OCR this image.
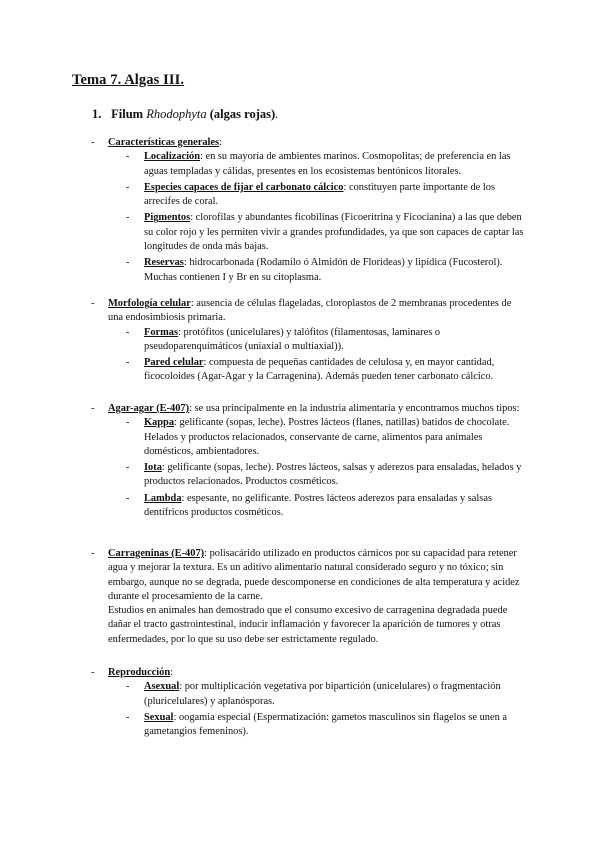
Tema 7. Algas III.
1. Filum Rhodophyta (algas rojas).
- Características generales:

- Localización: en su mayoría de ambientes marinos. Cosmopolitas; de preferencia en las aguas templadas y cálidas, presentes en los ecosistemas bentónicos litorales.
- Especies capaces de fijar el carbonato cálcico: constituyen parte importante de los arrecifes de coral.
- Pigmentos: clorofilas y abundantes ficobilinas (Ficoeritrina y Ficocianina) a las que deben su color rojo y les permiten vivir a grandes profundidades, ya que son capaces de captar las longitudes de onda más bajas.
- Reservas: hidrocarbonada (Rodamilo ó Almidón de Florideas) y lipídica (Fucosterol). Muchas contienen I y Br en su citoplasma.
- Morfología celular: ausencia de células flageladas, cloroplastos de 2 membranas procedentes de una endosimbiosis primaria.

- Formas: protófitos (unicelulares) y talófitos (filamentosas, laminares o pseudoparenquimáticos (uniaxial o multiaxial)).
- Pared celular: compuesta de pequeñas cantidades de celulosa y, en mayor cantidad, ficocoloides (Agar-Agar y la Carragenina). Además pueden tener carbonato cálcico.
- Agar-agar (E-407): se usa principalmente en la industria alimentaria y encontramos muchos tipos:

- Kappa: gelificante (sopas, leche). Postres lácteos (flanes, natillas) batidos de chocolate. Helados y productos relacionados, conservante de carne, alimentos para animales domésticos, ambientadores.
- Iota: gelificante (sopas, leche). Postres lácteos, salsas y aderezos para ensaladas, helados y productos relacionados. Productos cosméticos.
- Lambda: espesante, no gelificante. Postres lácteos aderezos para ensaladas y salsas dentífricos productos cosméticos.
- Carrageninas (E-407): polisacárido utilizado en productos cárnicos por su capacidad para retener agua y mejorar la textura. Es un aditivo alimentario natural considerado seguro y no tóxico; sin embargo, aunque no se degrada, puede descomponerse en condiciones de alta temperatura y acidez durante el procesamiento de la carne.

Estudios en animales han demostrado que el consumo excesivo de carragenina degradada puede dañar el tracto gastrointestinal, inducir inflamación y favorecer la aparición de tumores y otras enfermedades, por lo que su uso debe ser estrictamente regulado.

- Reproducción:

- Asexual: por multiplicación vegetativa por bipartición (unicelulares) o fragmentación (pluricelulares) y aplanósporas.
- Sexual: oogamia especial (Espermatización: gametos masculinos sin flagelos se unen a gametangios femeninos).
